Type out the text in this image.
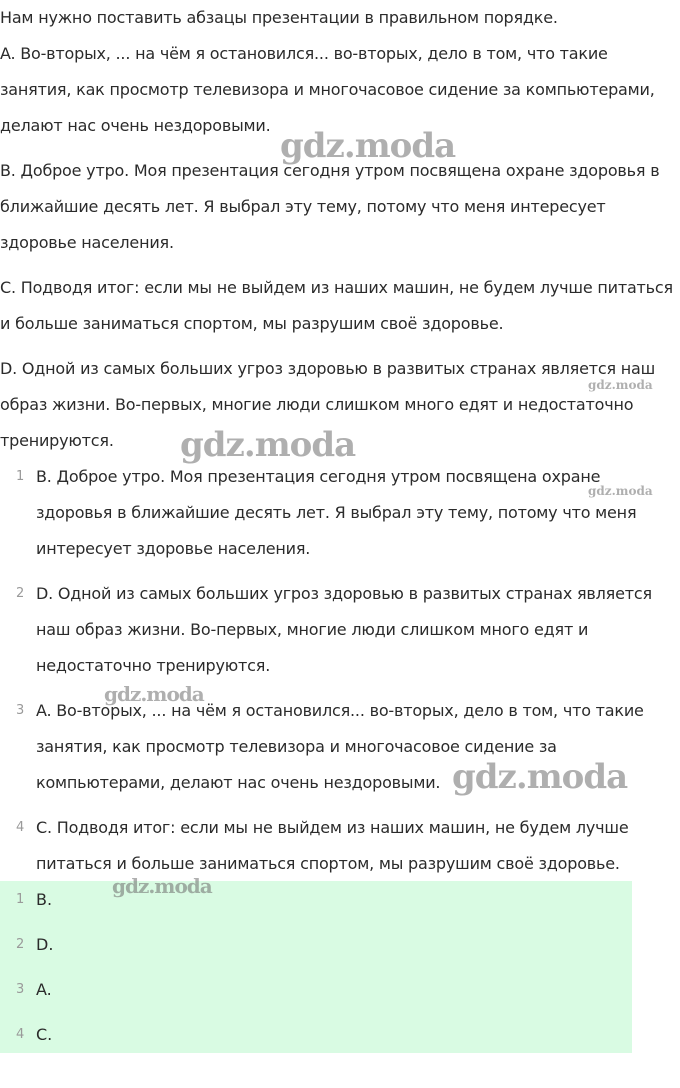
Нам нужно поставить абзацы презентации в правильном порядке.

A. Во-вторых, ... на чём я остановился... во-вторых, дело в том, что такие занятия, как просмотр телевизора и многочасовое сидение за компьютерами, делают нас очень нездоровыми.

B. Доброе утро. Моя презентация сегодня утром посвящена охране здоровья в ближайшие десять лет. Я выбрал эту тему, потому что меня интересует здоровье населения.

C. Подводя итог: если мы не выйдем из наших машин, не будем лучше питаться и больше заниматься спортом, мы разрушим своё здоровье.

D. Одной из самых больших угроз здоровью в развитых странах является наш образ жизни. Во-первых, многие люди слишком много едят и недостаточно тренируются.

1 B. Доброе утро. Моя презентация сегодня утром посвящена охране здоровья в ближайшие десять лет. Я выбрал эту тему, потому что меня интересует здоровье населения.
2 D. Одной из самых больших угроз здоровью в развитых странах является наш образ жизни. Во-первых, многие люди слишком много едят и недостаточно тренируются.
3 A. Во-вторых, ... на чём я остановился... во-вторых, дело в том, что такие занятия, как просмотр телевизора и многочасовое сидение за компьютерами, делают нас очень нездоровыми.
4 C. Подводя итог: если мы не выйдем из наших машин, не будем лучше питаться и больше заниматься спортом, мы разрушим своё здоровье.
1 B.
2 D.
3 A.
4 C.
gdz.moda
gdz.moda
gdz.moda
gdz.moda
gdz.moda
gdz.moda
gdz.moda
